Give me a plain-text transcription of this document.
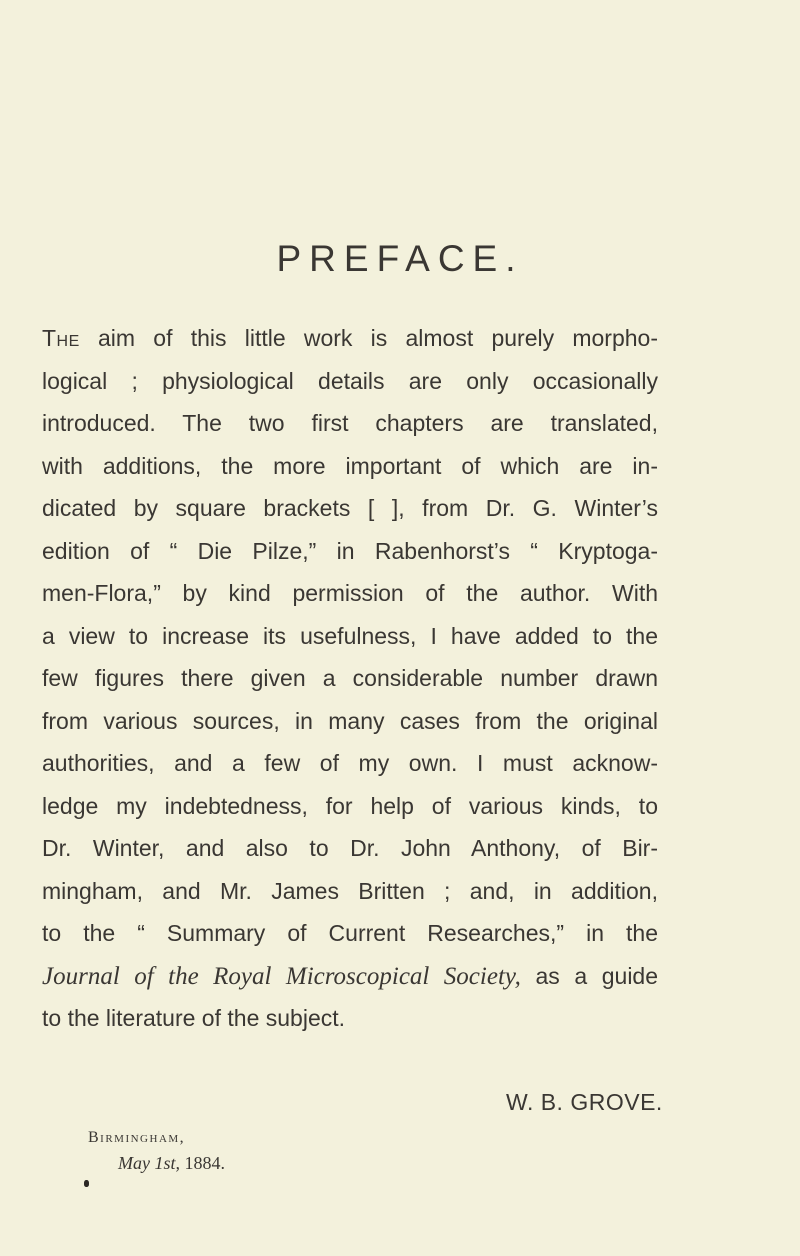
PREFACE.
The aim of this little work is almost purely morpho-
logical ; physiological details are only occasionally
introduced. The two first chapters are translated,
with additions, the more important of which are in-
dicated by square brackets [ ], from Dr. G. Winter’s
edition of “ Die Pilze,” in Rabenhorst’s “ Kryptoga-
men-Flora,” by kind permission of the author. With
a view to increase its usefulness, I have added to the
few figures there given a considerable number drawn
from various sources, in many cases from the original
authorities, and a few of my own. I must acknow-
ledge my indebtedness, for help of various kinds, to
Dr. Winter, and also to Dr. John Anthony, of Bir-
mingham, and Mr. James Britten ; and, in addition,
to the “ Summary of Current Researches,” in the
Journal of the Royal Microscopical Society, as a guide
to the literature of the subject.
W. B. GROVE.
Birmingham,
May 1st, 1884.
